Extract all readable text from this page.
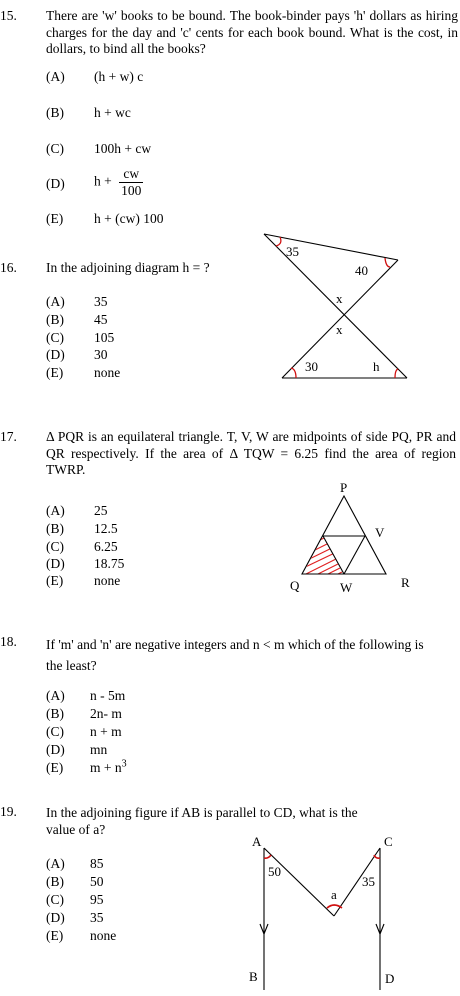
15. There are 'w' books to be bound. The book-binder pays 'h' dollars as hiring charges for the day and 'c' cents for each book bound. What is the cost, in dollars, to bind all the books?
(A) (h + w) c
(B) h + wc
(C) 100h + cw
(D) $h + \frac{cw}{100}$
(E) h + (cw) 100
16. In the adjoining diagram h = ?
(A) 35
(B) 45
(C) 105
(D) 30
(E) none
35
40
x
x
30	h
17. Δ PQR is an equilateral triangle. T, V, W are midpoints of side PQ, PR and QR respectively. If the area of Δ TQW = 6.25 find the area of region TWRP.
(A) 25
(B) 12.5
(C) 6.25
(D) 18.75
(E) none
P
V
Q	W	R
18. If 'm' and 'n' are negative integers and n < m which of the following is the least?
(A) n - 5m
(B) 2n- m
(C) n + m
(D) mn
(E) $m + n^3$
19. In the adjoining figure if AB is parallel to CD, what is the value of a?
(A) 85
(B) 50
(C) 95
(D) 35
(E) none
A	C
50
35
a
B	D
